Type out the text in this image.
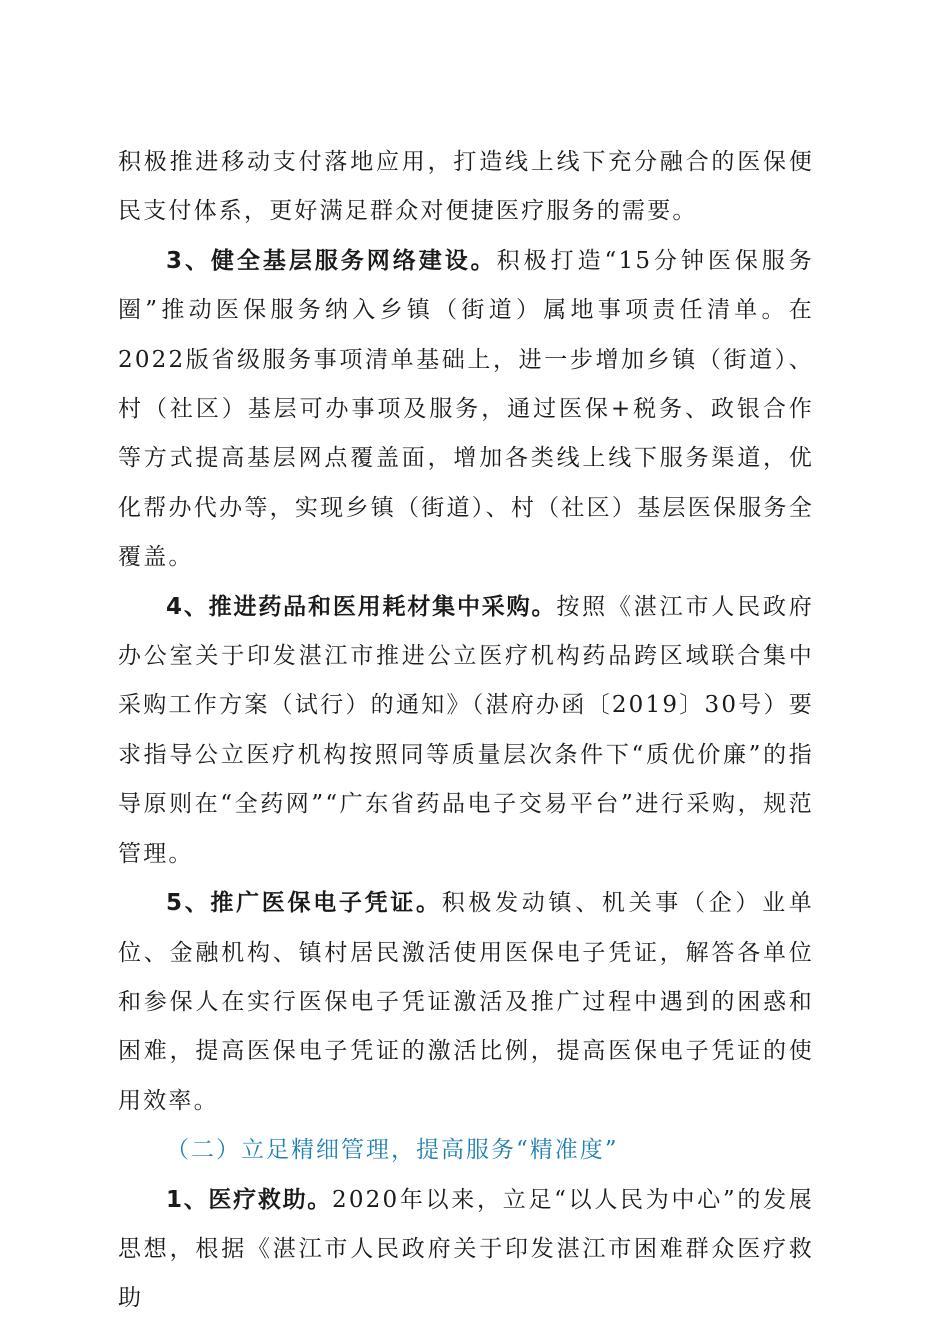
积极推进移动支付落地应用，打造线上线下充分融合的医保便民支付体系，更好满足群众对便捷医疗服务的需要。

3、健全基层服务网络建设。积极打造“15分钟医保服务圈”推动医保服务纳入乡镇（街道）属地事项责任清单。在2022版省级服务事项清单基础上，进一步增加乡镇（街道）、村（社区）基层可办事项及服务，通过医保+税务、政银合作等方式提高基层网点覆盖面，增加各类线上线下服务渠道，优化帮办代办等，实现乡镇（街道）、村（社区）基层医保服务全覆盖。

4、推进药品和医用耗材集中采购。按照《湛江市人民政府办公室关于印发湛江市推进公立医疗机构药品跨区域联合集中采购工作方案（试行）的通知》（湛府办函〔2019〕30号）要求指导公立医疗机构按照同等质量层次条件下“质优价廉”的指导原则在“全药网”“广东省药品电子交易平台”进行采购，规范管理。

5、推广医保电子凭证。积极发动镇、机关事（企）业单位、金融机构、镇村居民激活使用医保电子凭证，解答各单位和参保人在实行医保电子凭证激活及推广过程中遇到的困惑和困难，提高医保电子凭证的激活比例，提高医保电子凭证的使用效率。

（二）立足精细管理，提高服务“精准度”

1、医疗救助。2020年以来，立足“以人民为中心”的发展思想，根据《湛江市人民政府关于印发湛江市困难群众医疗救助
